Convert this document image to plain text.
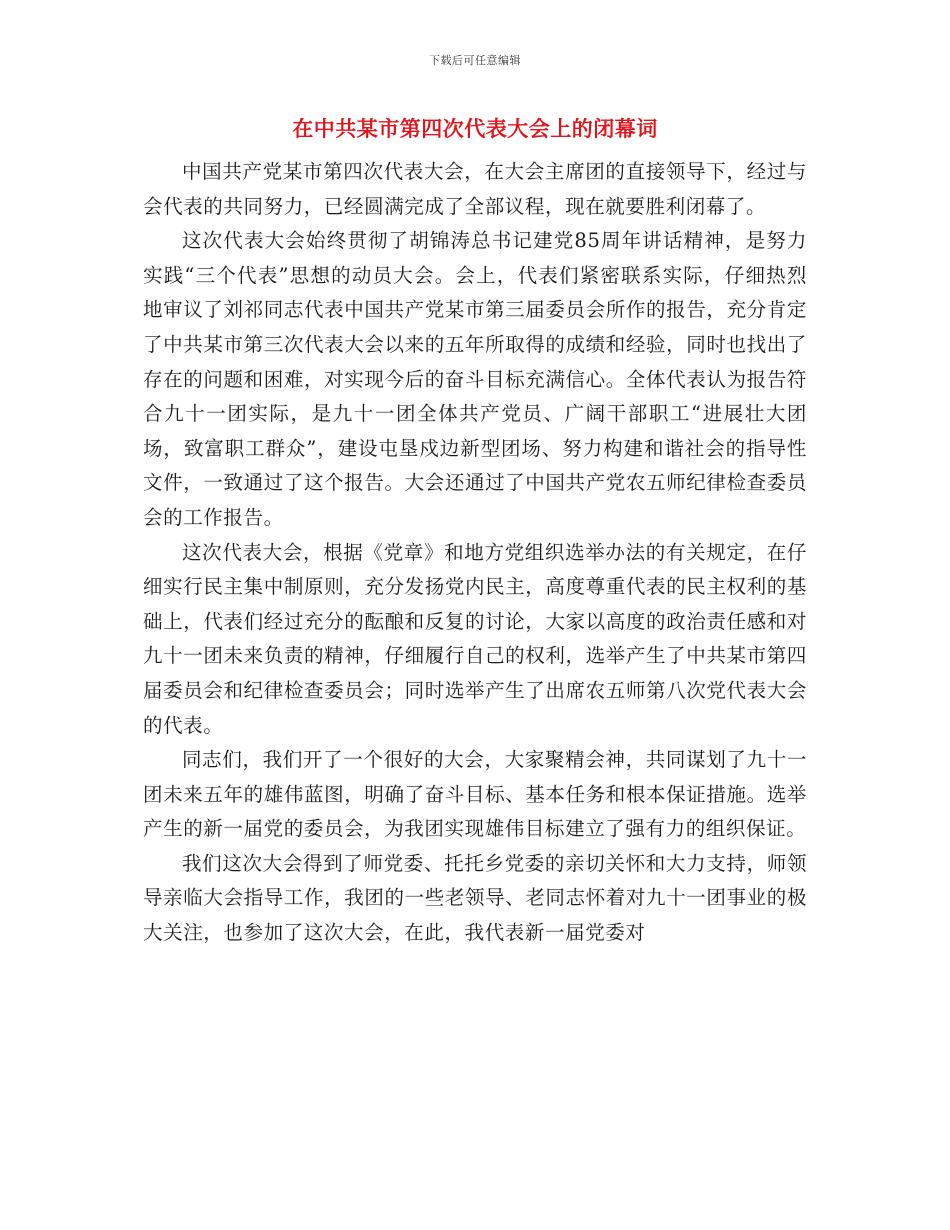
下载后可任意编辑
在中共某市第四次代表大会上的闭幕词

中国共产党某市第四次代表大会，在大会主席团的直接领导下，经过与会代表的共同努力，已经圆满完成了全部议程，现在就要胜利闭幕了。

这次代表大会始终贯彻了胡锦涛总书记建党85周年讲话精神，是努力实践“三个代表”思想的动员大会。会上，代表们紧密联系实际，仔细热烈地审议了刘祁同志代表中国共产党某市第三届委员会所作的报告，充分肯定了中共某市第三次代表大会以来的五年所取得的成绩和经验，同时也找出了存在的问题和困难，对实现今后的奋斗目标充满信心。全体代表认为报告符合九十一团实际，是九十一团全体共产党员、广阔干部职工“进展壮大团场，致富职工群众”，建设屯垦戍边新型团场、努力构建和谐社会的指导性文件，一致通过了这个报告。大会还通过了中国共产党农五师纪律检查委员会的工作报告。

这次代表大会，根据《党章》和地方党组织选举办法的有关规定，在仔细实行民主集中制原则，充分发扬党内民主，高度尊重代表的民主权利的基础上，代表们经过充分的酝酿和反复的讨论，大家以高度的政治责任感和对九十一团未来负责的精神，仔细履行自己的权利，选举产生了中共某市第四届委员会和纪律检查委员会；同时选举产生了出席农五师第八次党代表大会的代表。

同志们，我们开了一个很好的大会，大家聚精会神，共同谋划了九十一团未来五年的雄伟蓝图，明确了奋斗目标、基本任务和根本保证措施。选举产生的新一届党的委员会，为我团实现雄伟目标建立了强有力的组织保证。

我们这次大会得到了师党委、托托乡党委的亲切关怀和大力支持，师领导亲临大会指导工作，我团的一些老领导、老同志怀着对九十一团事业的极大关注，也参加了这次大会，在此，我代表新一届党委对
